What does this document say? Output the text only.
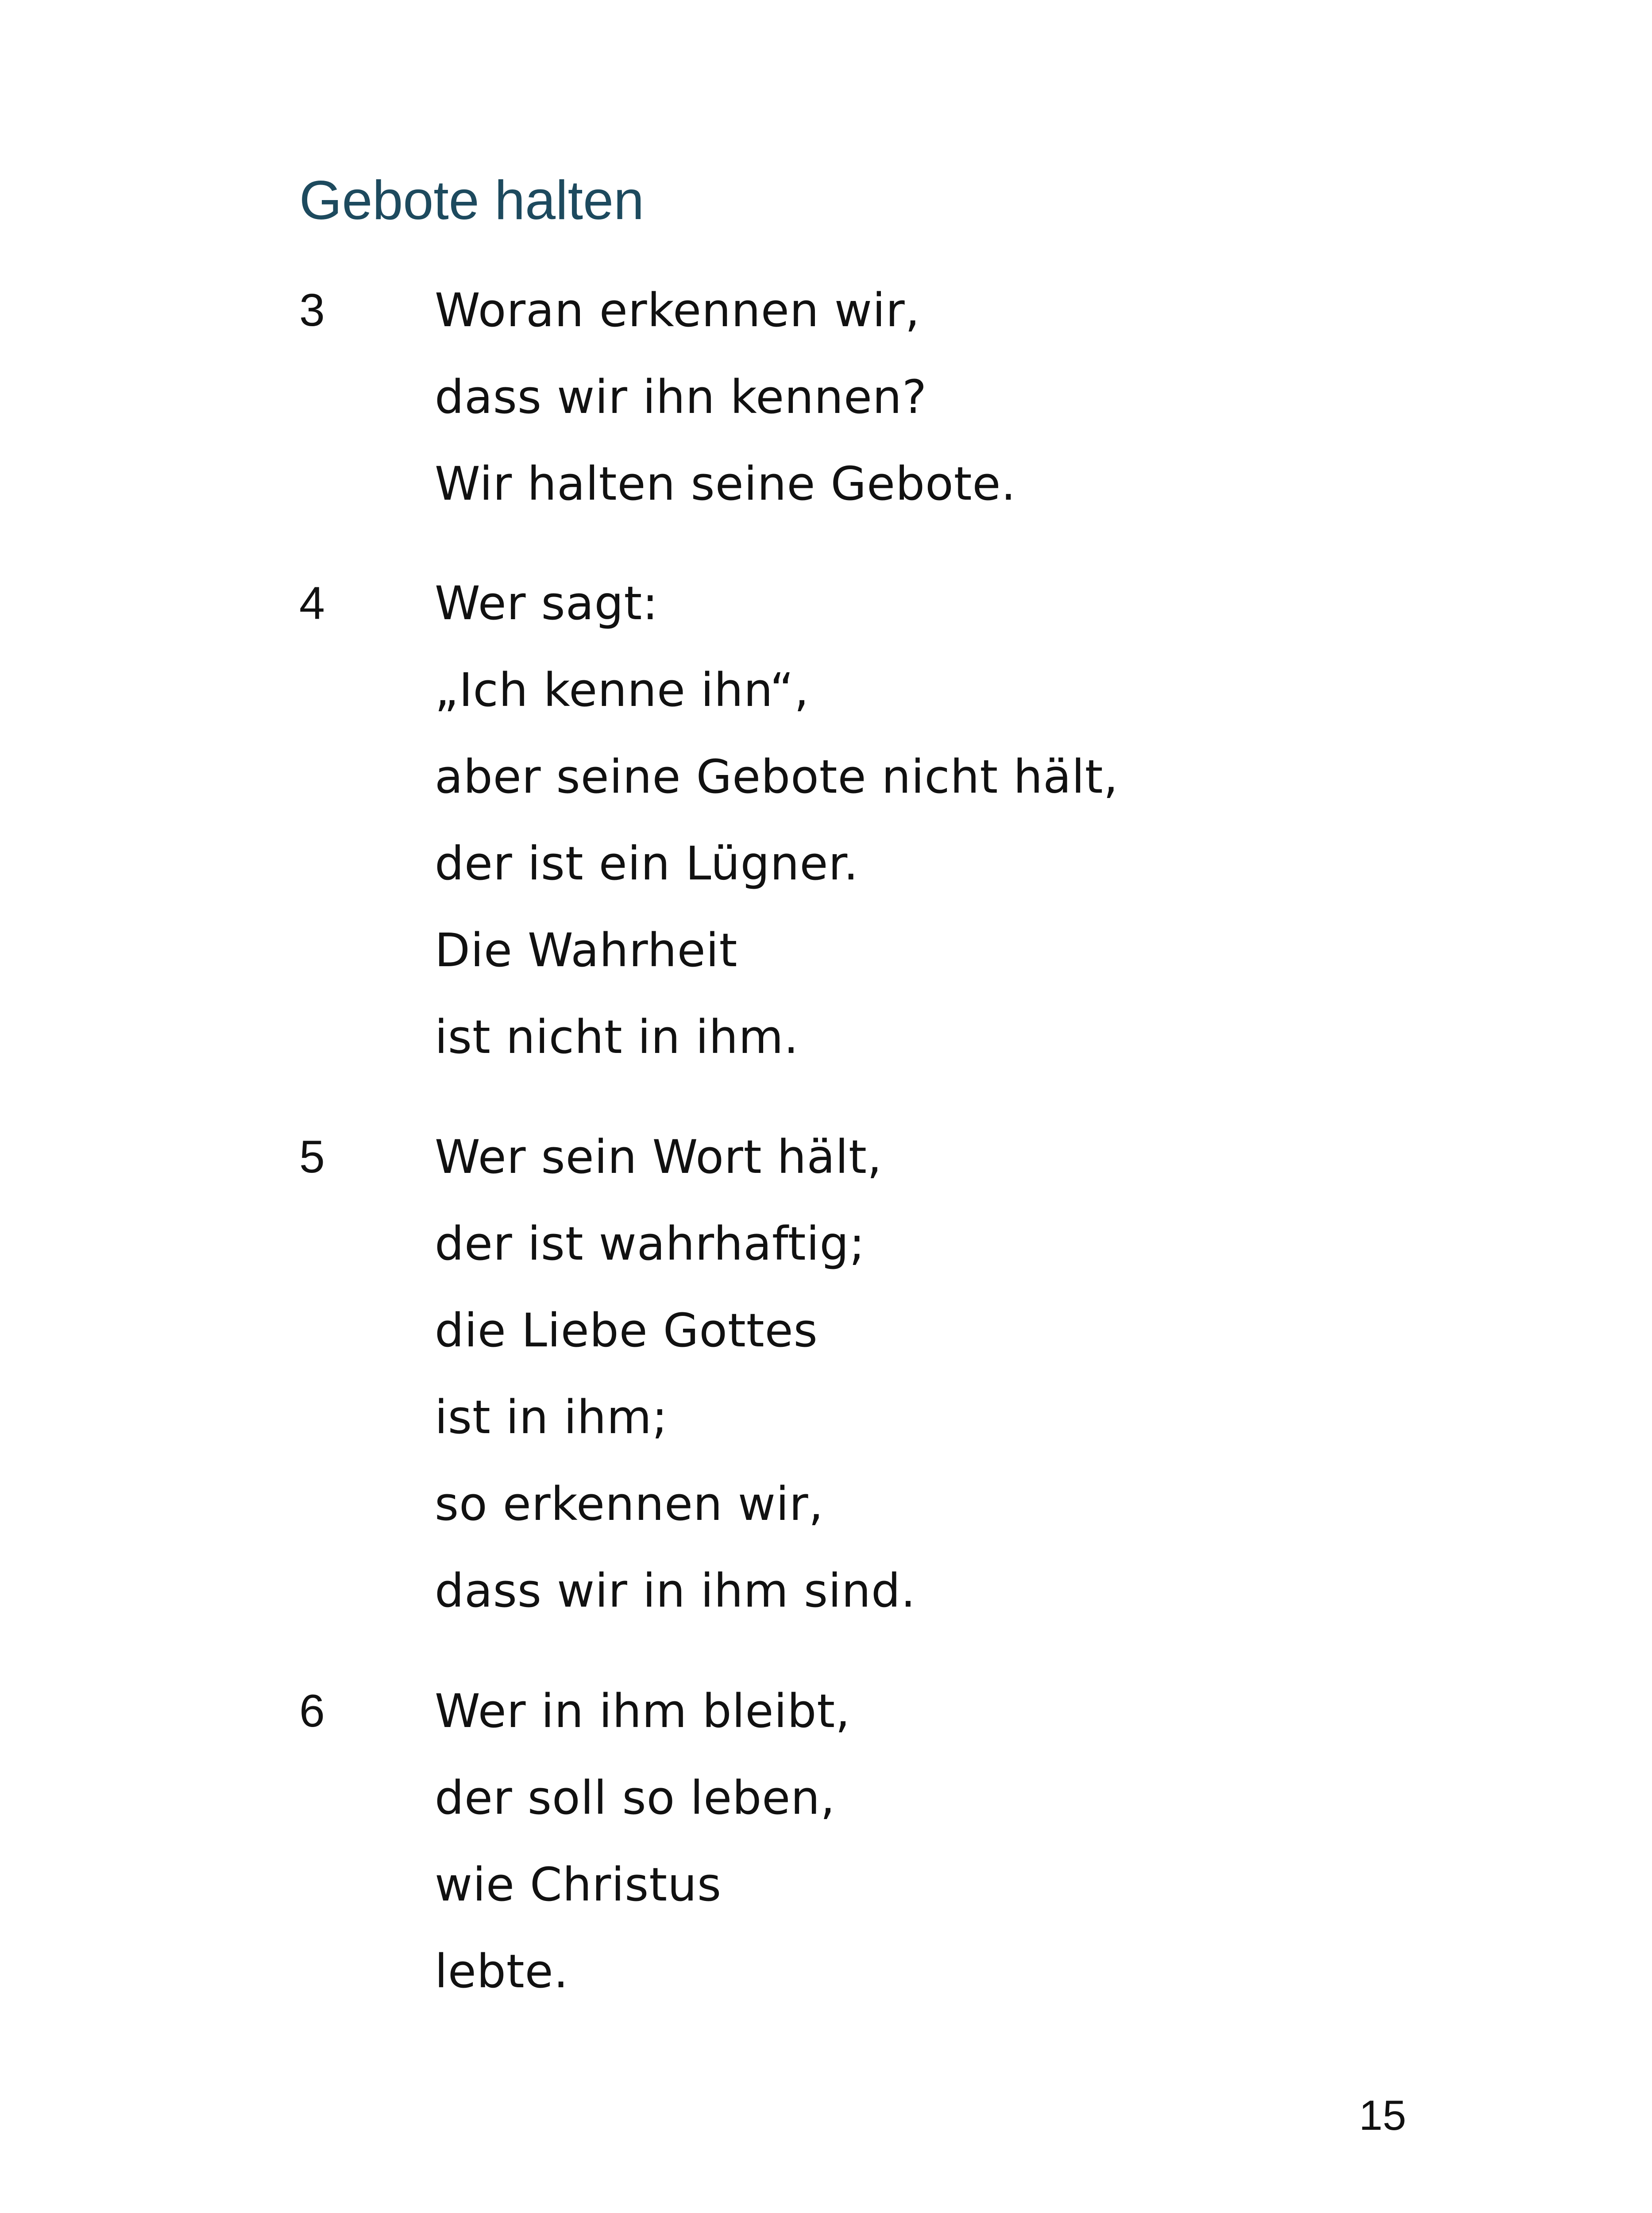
Gebote halten
3 Woran erkennen wir,
dass wir ihn kennen?
Wir halten seine Gebote.
4 Wer sagt:
„Ich kenne ihn“,
aber seine Gebote nicht hält,
der ist ein Lügner.
Die Wahrheit
ist nicht in ihm.
5 Wer sein Wort hält,
der ist wahrhaftig;
die Liebe Gottes
ist in ihm;
so erkennen wir,
dass wir in ihm sind.
6 Wer in ihm bleibt,
der soll so leben,
wie Christus
lebte.
15
